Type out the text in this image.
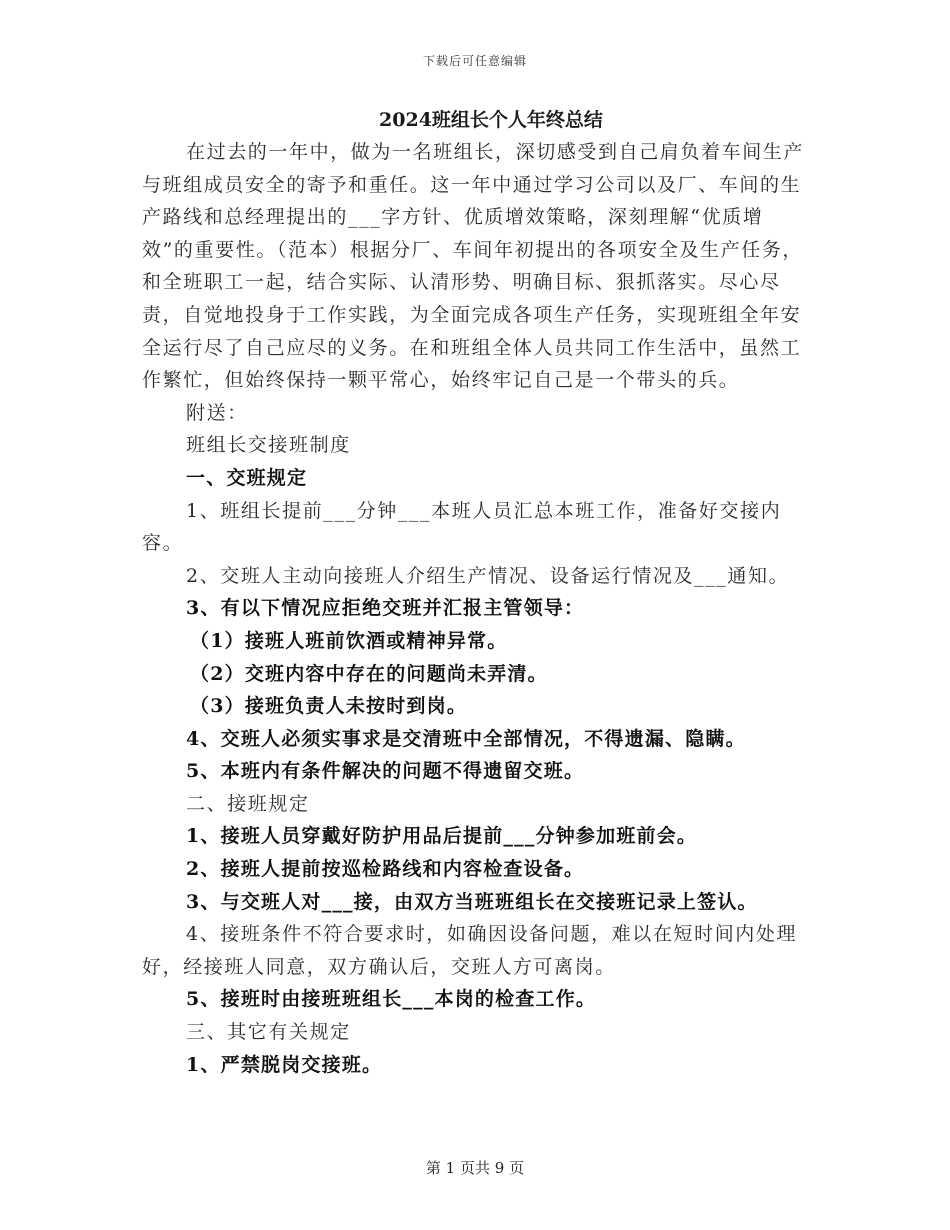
下载后可任意编辑
2024班组长个人年终总结

在过去的一年中，做为一名班组长，深切感受到自己肩负着车间生产与班组成员安全的寄予和重任。这一年中通过学习公司以及厂、车间的生产路线和总经理提出的___字方针、优质增效策略，深刻理解“优质增效”的重要性。（范本）根据分厂、车间年初提出的各项安全及生产任务，和全班职工一起，结合实际、认清形势、明确目标、狠抓落实。尽心尽责，自觉地投身于工作实践，为全面完成各项生产任务，实现班组全年安全运行尽了自己应尽的义务。在和班组全体人员共同工作生活中，虽然工作繁忙，但始终保持一颗平常心，始终牢记自己是一个带头的兵。

附送：

班组长交接班制度

一、交班规定

1、班组长提前___分钟___本班人员汇总本班工作，准备好交接内容。

2、交班人主动向接班人介绍生产情况、设备运行情况及___通知。

3、有以下情况应拒绝交班并汇报主管领导：

（1）接班人班前饮酒或精神异常。

（2）交班内容中存在的问题尚未弄清。

（3）接班负责人未按时到岗。

4、交班人必须实事求是交清班中全部情况，不得遗漏、隐瞒。

5、本班内有条件解决的问题不得遗留交班。

二、接班规定

1、接班人员穿戴好防护用品后提前___分钟参加班前会。

2、接班人提前按巡检路线和内容检查设备。

3、与交班人对___接，由双方当班班组长在交接班记录上签认。

4、接班条件不符合要求时，如确因设备问题，难以在短时间内处理好，经接班人同意，双方确认后，交班人方可离岗。

5、接班时由接班班组长___本岗的检查工作。

三、其它有关规定

1、严禁脱岗交接班。

第 1 页共 9 页
